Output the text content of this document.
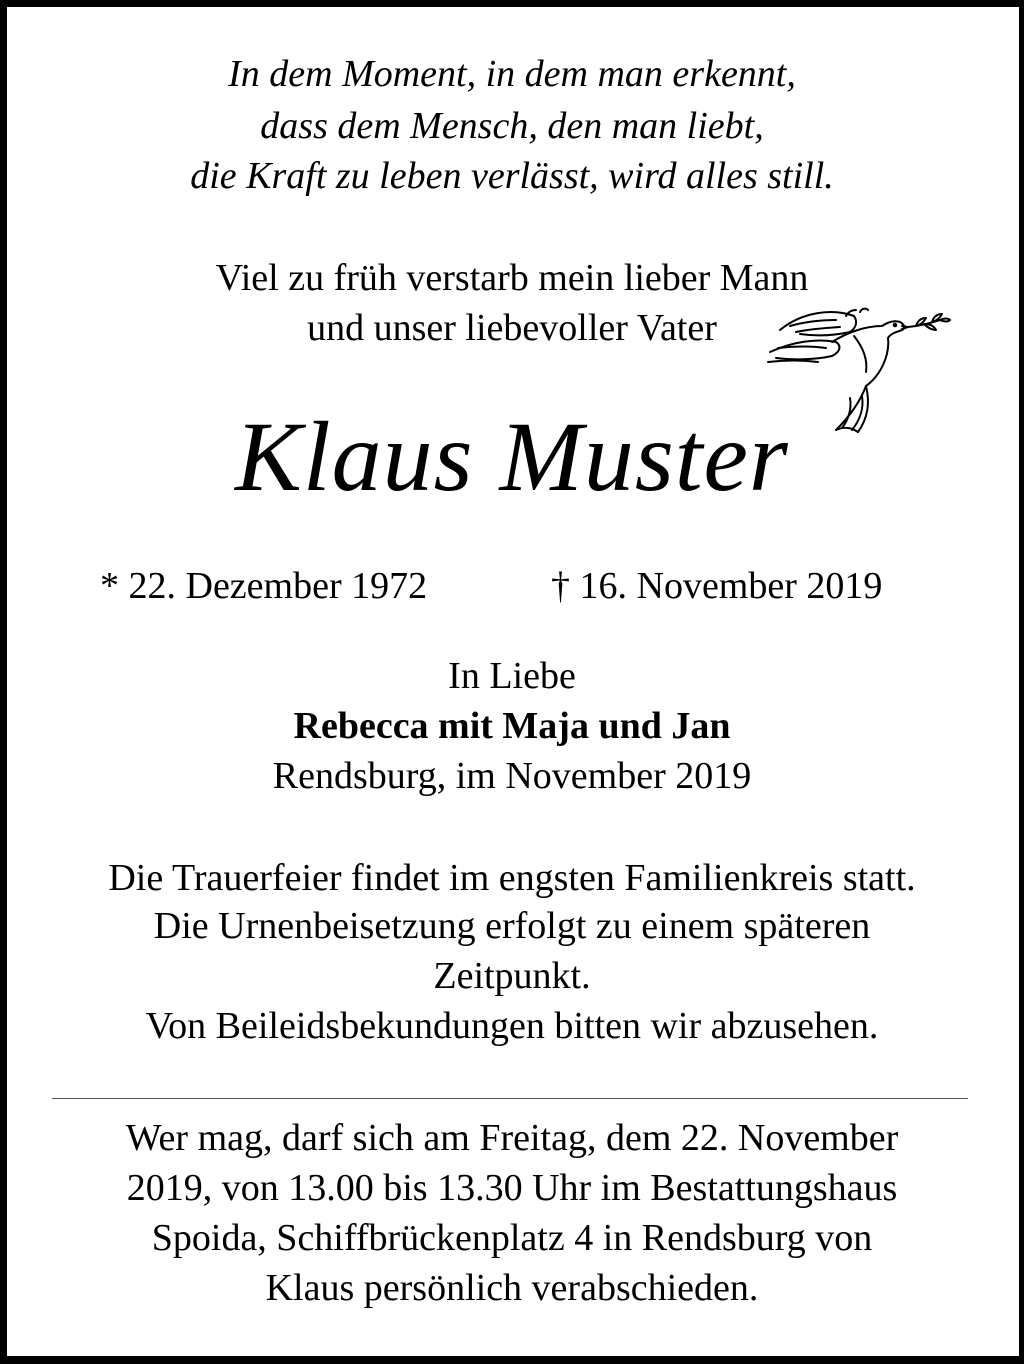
In dem Moment, in dem man erkennt,
dass dem Mensch, den man liebt,
die Kraft zu leben verlässt, wird alles still.
Viel zu früh verstarb mein lieber Mann
und unser liebevoller Vater
Klaus Muster
* 22. Dezember 1972	† 16. November 2019
In Liebe
Rebecca mit Maja und Jan
Rendsburg, im November 2019
Die Trauerfeier findet im engsten Familienkreis statt.
Die Urnenbeisetzung erfolgt zu einem späteren
Zeitpunkt.
Von Beileidsbekundungen bitten wir abzusehen.
Wer mag, darf sich am Freitag, dem 22. November
2019, von 13.00 bis 13.30 Uhr im Bestattungshaus
Spoida, Schiffbrückenplatz 4 in Rendsburg von
Klaus persönlich verabschieden.
